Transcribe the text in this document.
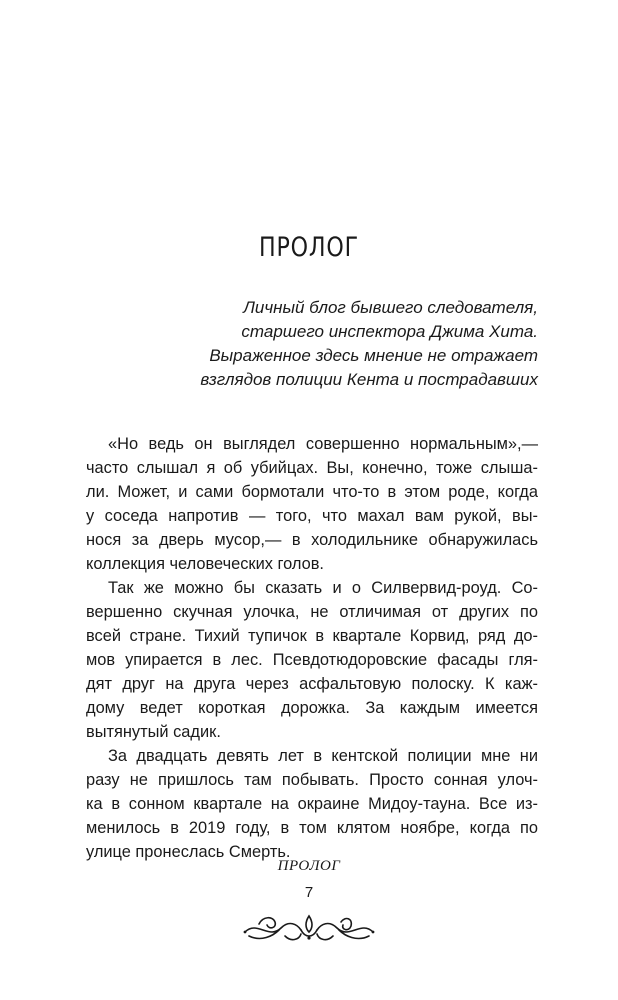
ПРОЛОГ
Личный блог бывшего следователя,
старшего инспектора Джима Хита.
Выраженное здесь мнение не отражает
взглядов полиции Кента и пострадавших

«Но ведь он выглядел совершенно нормальным»,—
часто слышал я об убийцах. Вы, конечно, тоже слыша-
ли. Может, и сами бормотали что-то в этом роде, когда
у соседа напротив — того, что махал вам рукой, вы-
нося за дверь мусор,— в холодильнике обнаружилась
коллекция человеческих голов.

Так же можно бы сказать и о Силвервид-роуд. Со-
вершенно скучная улочка, не отличимая от других по
всей стране. Тихий тупичок в квартале Корвид, ряд до-
мов упирается в лес. Псевдотюдоровские фасады гля-
дят друг на друга через асфальтовую полоску. К каж-
дому ведет короткая дорожка. За каждым имеется
вытянутый садик.

За двадцать девять лет в кентской полиции мне ни
разу не пришлось там побывать. Просто сонная улоч-
ка в сонном квартале на окраине Мидоу-тауна. Все из-
менилось в 2019 году, в том клятом ноябре, когда по
улице пронеслась Смерть.

ПРОЛОГ
7
